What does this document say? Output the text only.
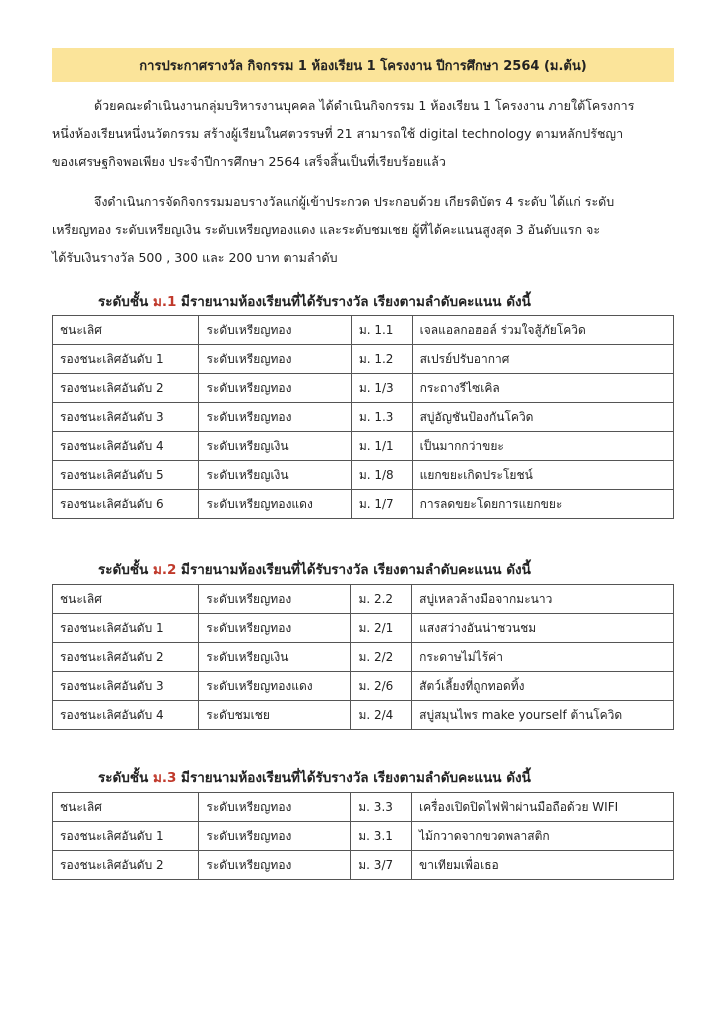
การประกาศรางวัล กิจกรรม 1 ห้องเรียน 1 โครงงาน ปีการศึกษา 2564 (ม.ต้น)
ด้วยคณะดำเนินงานกลุ่มบริหารงานบุคคล ได้ดำเนินกิจกรรม 1 ห้องเรียน 1 โครงงาน ภายใต้โครงการ
หนึ่งห้องเรียนหนึ่งนวัตกรรม สร้างผู้เรียนในศตวรรษที่ 21 สามารถใช้ digital technology ตามหลักปรัชญา
ของเศรษฐกิจพอเพียง ประจำปีการศึกษา 2564 เสร็จสิ้นเป็นที่เรียบร้อยแล้ว
จึงดำเนินการจัดกิจกรรมมอบรางวัลแก่ผู้เข้าประกวด ประกอบด้วย เกียรติบัตร 4 ระดับ ได้แก่ ระดับ
เหรียญทอง ระดับเหรียญเงิน ระดับเหรียญทองแดง และระดับชมเชย ผู้ที่ได้คะแนนสูงสุด 3 อันดับแรก จะ
ได้รับเงินรางวัล 500 , 300 และ 200 บาท ตามลำดับ
ระดับชั้น ม.1 มีรายนามห้องเรียนที่ได้รับรางวัล เรียงตามลำดับคะแนน ดังนี้
ชนะเลิศ	ระดับเหรียญทอง	ม. 1.1	เจลแอลกอฮอล์ ร่วมใจสู้ภัยโควิด
รองชนะเลิศอันดับ 1	ระดับเหรียญทอง	ม. 1.2	สเปรย์ปรับอากาศ
รองชนะเลิศอันดับ 2	ระดับเหรียญทอง	ม. 1/3	กระถางรีไซเคิล
รองชนะเลิศอันดับ 3	ระดับเหรียญทอง	ม. 1.3	สบู่อัญชันป้องกันโควิด
รองชนะเลิศอันดับ 4	ระดับเหรียญเงิน	ม. 1/1	เป็นมากกว่าขยะ
รองชนะเลิศอันดับ 5	ระดับเหรียญเงิน	ม. 1/8	แยกขยะเกิดประโยชน์
รองชนะเลิศอันดับ 6	ระดับเหรียญทองแดง	ม. 1/7	การลดขยะโดยการแยกขยะ
ระดับชั้น ม.2 มีรายนามห้องเรียนที่ได้รับรางวัล เรียงตามลำดับคะแนน ดังนี้
ชนะเลิศ	ระดับเหรียญทอง	ม. 2.2	สบู่เหลวล้างมือจากมะนาว
รองชนะเลิศอันดับ 1	ระดับเหรียญทอง	ม. 2/1	แสงสว่างอันน่าชวนชม
รองชนะเลิศอันดับ 2	ระดับเหรียญเงิน	ม. 2/2	กระดาษไม่ไร้ค่า
รองชนะเลิศอันดับ 3	ระดับเหรียญทองแดง	ม. 2/6	สัตว์เลี้ยงที่ถูกทอดทิ้ง
รองชนะเลิศอันดับ 4	ระดับชมเชย	ม. 2/4	สบู่สมุนไพร make yourself ต้านโควิด
ระดับชั้น ม.3 มีรายนามห้องเรียนที่ได้รับรางวัล เรียงตามลำดับคะแนน ดังนี้
ชนะเลิศ	ระดับเหรียญทอง	ม. 3.3	เครื่องเปิดปิดไฟฟ้าผ่านมือถือด้วย WIFI
รองชนะเลิศอันดับ 1	ระดับเหรียญทอง	ม. 3.1	ไม้กวาดจากขวดพลาสติก
รองชนะเลิศอันดับ 2	ระดับเหรียญทอง	ม. 3/7	ขาเทียมเพื่อเธอ
